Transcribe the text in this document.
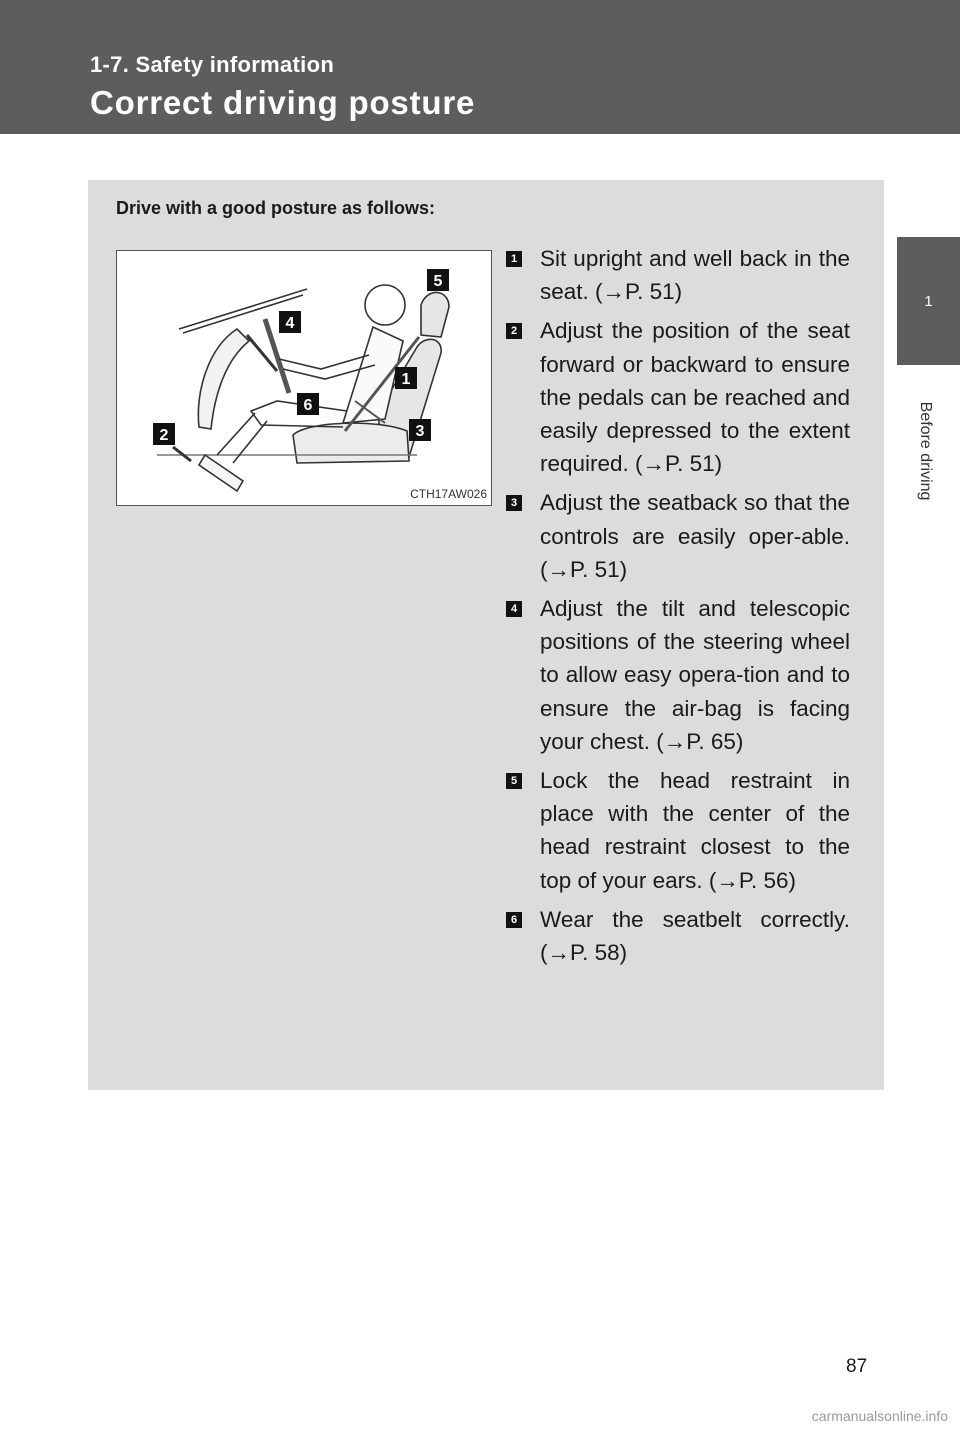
1-7. Safety information
Correct driving posture
1
Before driving
Drive with a good posture as follows:
1
2	3
4
5
6
CTH17AW026
1 Sit upright and well back in the seat. (→P. 51)
2 Adjust the position of the seat forward or backward to ensure the pedals can be reached and easily depressed to the extent required. (→P. 51)
3 Adjust the seatback so that the controls are easily oper-able. (→P. 51)
4 Adjust the tilt and telescopic positions of the steering wheel to allow easy opera-tion and to ensure the air-bag is facing your chest. (→P. 65)
5 Lock the head restraint in place with the center of the head restraint closest to the top of your ears. (→P. 56)
6 Wear the seatbelt correctly. (→P. 58)
87
carmanualsonline.info
